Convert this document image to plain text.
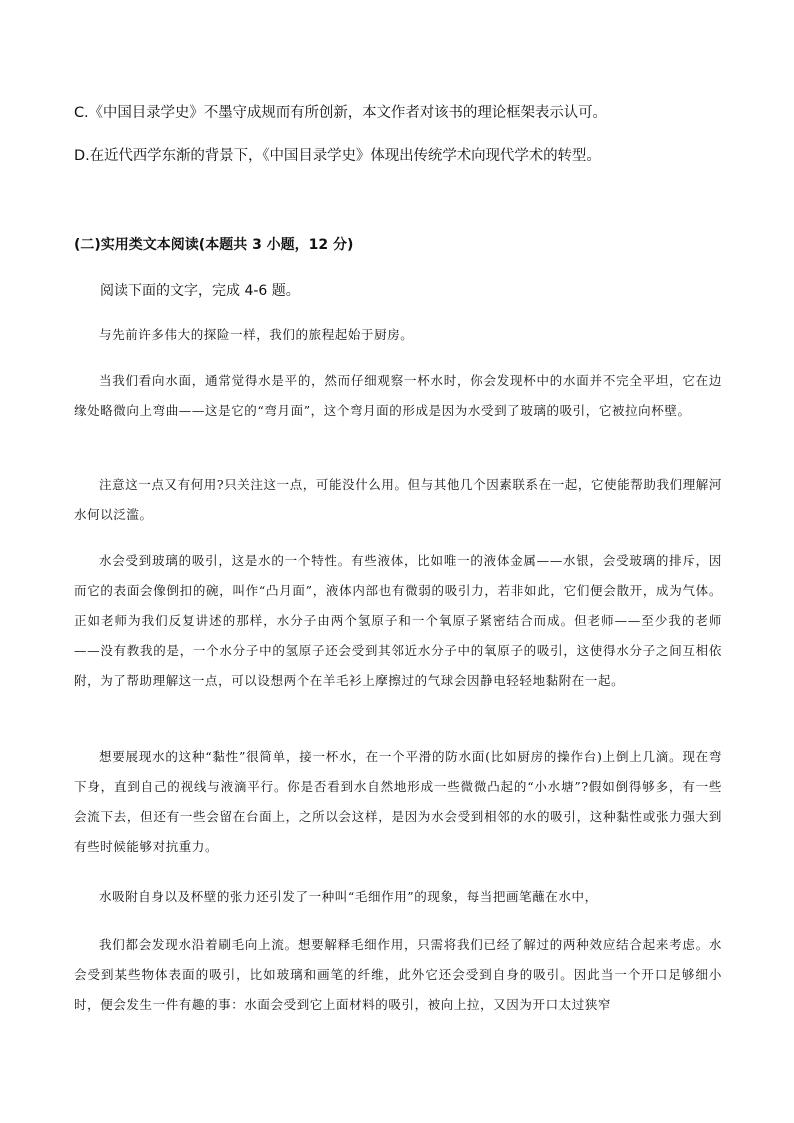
C.《中国目录学史》不墨守成规而有所创新，本文作者对该书的理论框架表示认可。

D.在近代西学东渐的背景下，《中国目录学史》体现出传统学术向现代学术的转型。

(二)实用类文本阅读(本题共 3 小题，12 分)

阅读下面的文字，完成 4-6 题。

与先前许多伟大的探险一样，我们的旅程起始于厨房。

当我们看向水面，通常觉得水是平的，然而仔细观察一杯水时，你会发现杯中的水面并不完全平坦，它在边缘处略微向上弯曲——这是它的“弯月面”，这个弯月面的形成是因为水受到了玻璃的吸引，它被拉向杯壁。

注意这一点又有何用?只关注这一点，可能没什么用。但与其他几个因素联系在一起，它使能帮助我们理解河水何以泛滥。

水会受到玻璃的吸引，这是水的一个特性。有些液体，比如唯一的液体金属——水银，会受玻璃的排斥，因而它的表面会像倒扣的碗，叫作“凸月面”，液体内部也有微弱的吸引力，若非如此，它们便会散开，成为气体。正如老师为我们反复讲述的那样，水分子由两个氢原子和一个氧原子紧密结合而成。但老师——至少我的老师——没有教我的是，一个水分子中的氢原子还会受到其邻近水分子中的氧原子的吸引，这使得水分子之间互相依附，为了帮助理解这一点，可以设想两个在羊毛衫上摩擦过的气球会因静电轻轻地黏附在一起。

想要展现水的这种“黏性”很简单，接一杯水，在一个平滑的防水面(比如厨房的操作台)上倒上几滴。现在弯下身，直到自己的视线与液滴平行。你是否看到水自然地形成一些微微凸起的“小水塘”?假如倒得够多，有一些会流下去，但还有一些会留在台面上，之所以会这样，是因为水会受到相邻的水的吸引，这种黏性或张力强大到有些时候能够对抗重力。

水吸附自身以及杯壁的张力还引发了一种叫“毛细作用”的现象，每当把画笔蘸在水中，

我们都会发现水沿着刷毛向上流。想要解释毛细作用，只需将我们已经了解过的两种效应结合起来考虑。水会受到某些物体表面的吸引，比如玻璃和画笔的纤维，此外它还会受到自身的吸引。因此当一个开口足够细小时，便会发生一件有趣的事：水面会受到它上面材料的吸引，被向上拉，又因为开口太过狭窄
